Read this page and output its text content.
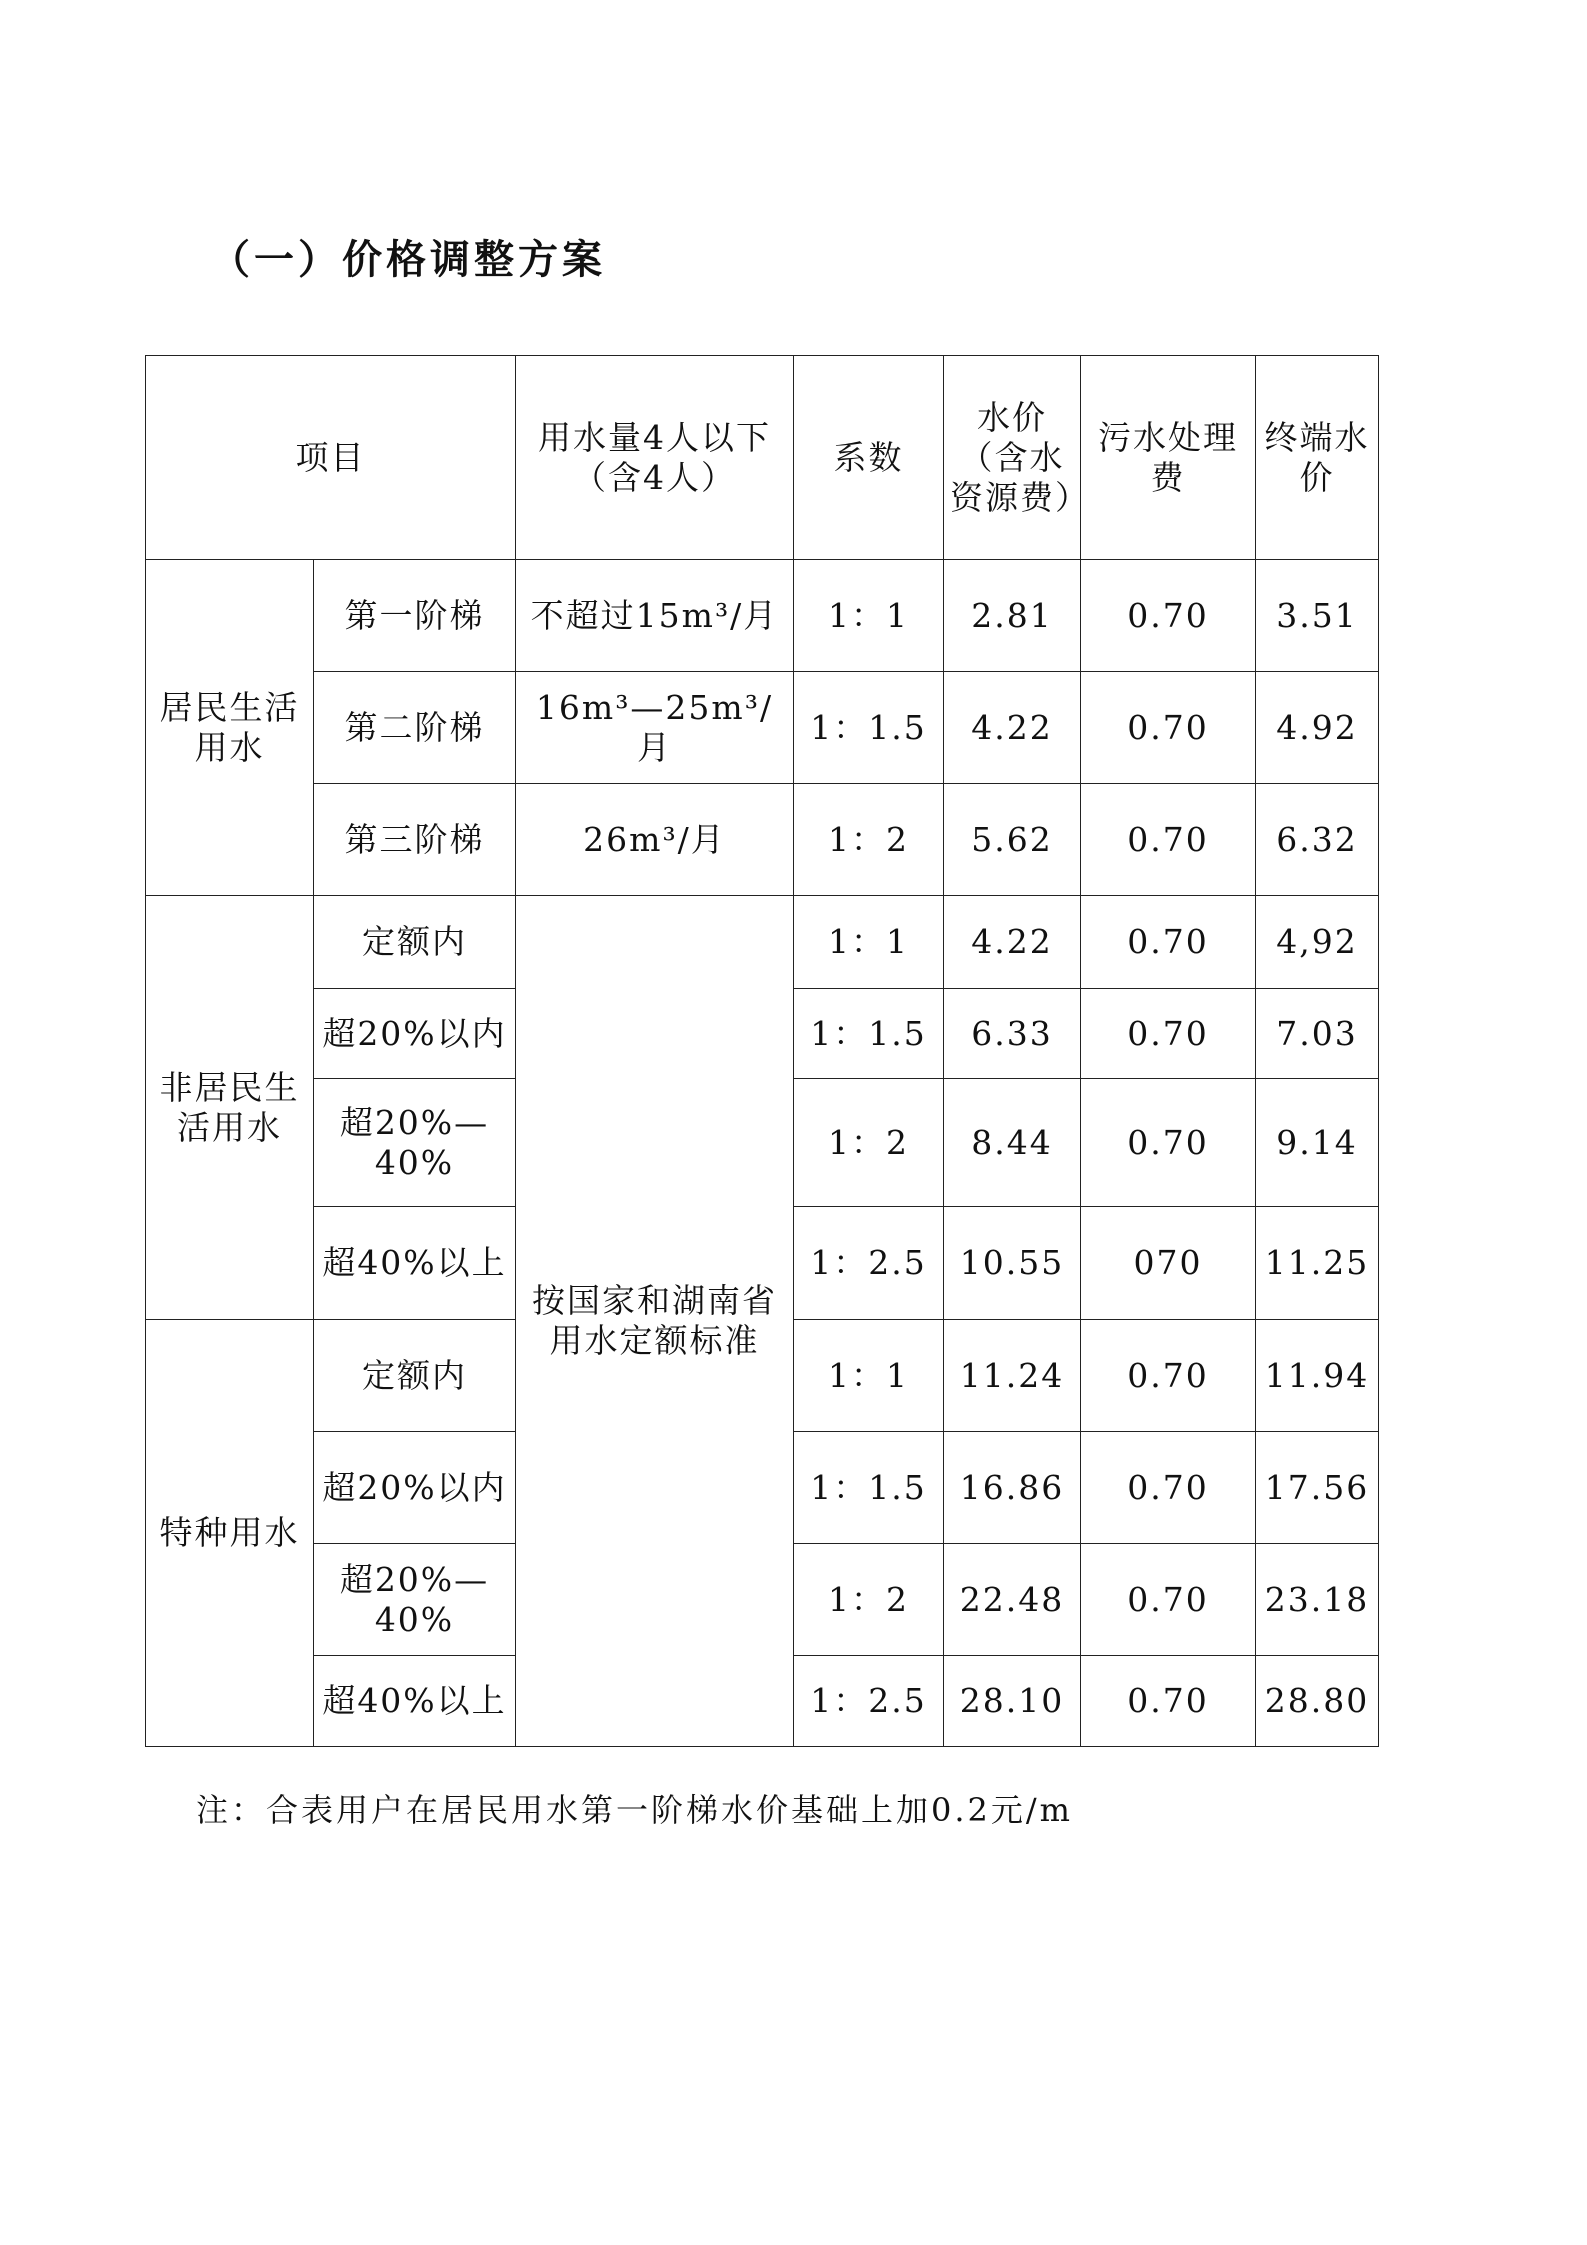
（一）价格调整方案
项目		用水量4人以下（含4人）	系数	水价（含水资源费）	污水处理费	终端水价
居民生活用水	第一阶梯	不超过15m³/月	1：1	2.81	0.70	3.51
	第二阶梯	16m³—25m³/月	1：1.5	4.22	0.70	4.92
	第三阶梯	26m³/月	1：2	5.62	0.70	6.32
非居民生活用水	定额内	按国家和湖南省用水定额标准	1：1	4.22	0.70	4,92
	超20%以内		1：1.5	6.33	0.70	7.03
	超20%—40%		1：2	8.44	0.70	9.14
	超40%以上		1：2.5	10.55	070	11.25
特种用水	定额内		1：1	11.24	0.70	11.94
	超20%以内		1：1.5	16.86	0.70	17.56
	超20%—40%		1：2	22.48	0.70	23.18
	超40%以上		1：2.5	28.10	0.70	28.80
注：合表用户在居民用水第一阶梯水价基础上加0.2元/m
